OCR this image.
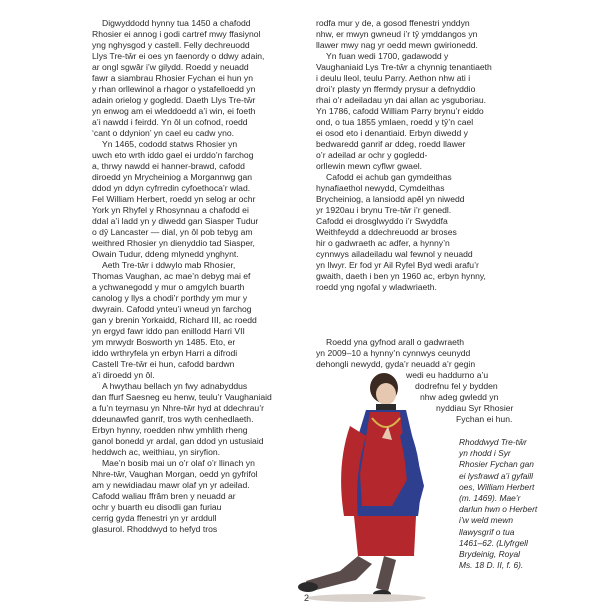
Digwyddodd hynny tua 1450 a chafodd
Rhosier ei annog i godi cartref mwy ffasiynol
yng nghysgod y castell. Felly dechreuodd
Llys Tre-tŵr ei oes yn faenordy o ddwy adain,
ar ongl sgwâr i’w gilydd. Roedd y neuadd
fawr a siambrau Rhosier Fychan ei hun yn
y rhan orllewinol a rhagor o ystafelloedd yn
adain orielog y gogledd. Daeth Llys Tre-tŵr
yn enwog am ei wleddoedd a’i win, ei foeth
a’i nawdd i feirdd. Yn ôl un cofnod, roedd
‘cant o ddynion’ yn cael eu cadw yno.

Yn 1465, cododd statws Rhosier yn
uwch eto wrth iddo gael ei urddo’n farchog
a, thrwy nawdd ei hanner-brawd, cafodd
diroedd yn Mrycheiniog a Morgannwg gan
ddod yn ddyn cyfrredin cyfoethoca’r wlad.
Fel William Herbert, roedd yn selog ar ochr
York yn Rhyfel y Rhosynnau a chafodd ei
ddal a’i ladd yn y diwedd gan Siasper Tudur
o dŷ Lancaster — dial, yn ôl pob tebyg am
weithred Rhosier yn dienyddio tad Siasper,
Owain Tudur, ddeng mlynedd ynghynt.

Aeth Tre-tŵr i ddwylo mab Rhosier,
Thomas Vaughan, ac mae’n debyg mai ef
a ychwanegodd y mur o amgylch buarth
canolog y llys a chodi’r porthdy ym mur y
dwyrain. Cafodd ynteu’i wneud yn farchog
gan y brenin Yorkaidd, Richard III, ac roedd
yn ergyd fawr iddo pan enillodd Harri VII
ym mrwydr Bosworth yn 1485. Eto, er
iddo wrthryfela yn erbyn Harri a difrodi
Castell Tre-tŵr ei hun, cafodd bardwn
a’i diroedd yn ôl.

A hwythau bellach yn fwy adnabyddus
dan ffurf Saesneg eu henw, teulu’r Vaughaniaid
a fu’n teyrnasu yn Nhre-tŵr hyd at ddechrau’r
ddeunawfed ganrif, tros wyth cenhedlaeth.
Erbyn hynny, roedden nhw ymhlith rheng
ganol bonedd yr ardal, gan ddod yn ustusiaid
heddwch ac, weithiau, yn siryfion.

Mae’n bosib mai un o’r olaf o’r llinach yn
Nhre-tŵr, Vaughan Morgan, oedd yn gyfrifol
am y newidiadau mawr olaf yn yr adeilad.
Cafodd waliau ffrâm bren y neuadd ar
ochr y buarth eu disodli gan furiau
cerrig gyda ffenestri yn yr arddull
glasurol. Rhoddwyd to hefyd tros

rodfa mur y de, a gosod ffenestri ynddyn
nhw, er mwyn gwneud i’r tŷ ymddangos yn
llawer mwy nag yr oedd mewn gwirionedd.

Yn fuan wedi 1700, gadawodd y
Vaughaniaid Lys Tre-tŵr a chynnig tenantiaeth
i deulu lleol, teulu Parry. Aethon nhw ati i
droi’r plasty yn ffermdy prysur a defnyddio
rhai o’r adeiladau yn dai allan ac ysguboriau.
Yn 1786, cafodd William Parry brynu’r eiddo
ond, o tua 1855 ymlaen, roedd y tŷ’n cael
ei osod eto i denantiaid. Erbyn diwedd y
bedwaredd ganrif ar ddeg, roedd llawer
o’r adeilad ar ochr y gogledd-
orllewin mewn cyflwr gwael.

Cafodd ei achub gan gymdeithas
hynafiaethol newydd, Cymdeithas
Brycheiniog, a lansiodd apêl yn niwedd
yr 1920au i brynu Tre-tŵr i’r genedl.
Cafodd ei drosglwyddo i’r Swyddfa
Weithfeydd a ddechreuodd ar broses
hir o gadwraeth ac adfer, a hynny’n
cynnwys ailadeiladu wal fewnol y neuadd
yn llwyr. Er fod yr Ail Ryfel Byd wedi arafu’r
gwaith, daeth i ben yn 1960 ac, erbyn hynny,
roedd yng ngofal y wladwriaeth.

Roedd yna gyfnod arall o gadwraeth
yn 2009–10 a hynny’n cynnwys ceunydd
dehongli newydd, gyda’r neuadd a’r gegin
wedi eu haddurno a’u
dodrefnu fel y bydden
nhw adeg gwledd yn
nyddiau Syr Rhosier
Fychan ei hun.
Rhoddwyd Tre-tŵr
yn rhodd i Syr
Rhosier Fychan gan
ei lysfrawd a’i gyfaill
oes, William Herbert
(m. 1469). Mae’r
darlun hwn o Herbert
i’w weld mewn
llawysgrif o tua
1461–62. (Llyfrgell
Brydeinig, Royal
Ms. 18 D. II, f. 6).
2
